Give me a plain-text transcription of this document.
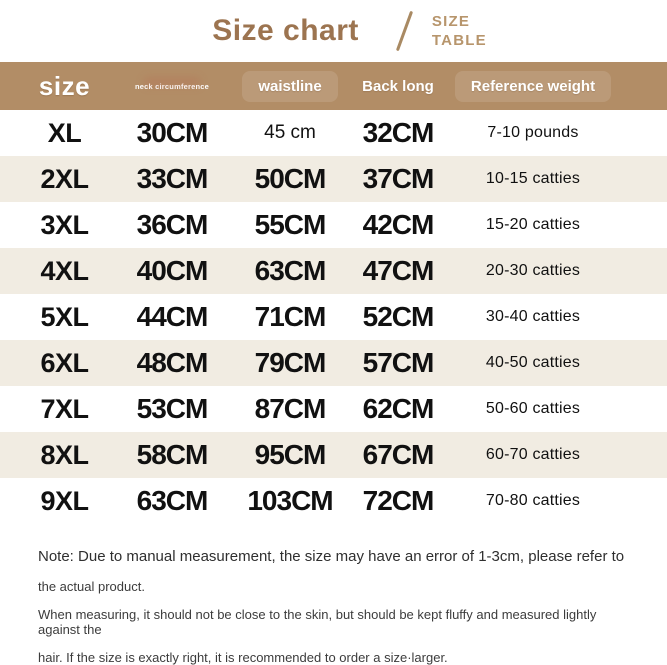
Size chart	SIZE
TABLE
size	neck circumference	waistline	Back long	Reference weight
XL	30CM	45 cm	32CM	7-10 pounds
2XL	33CM	50CM	37CM	10-15 catties
3XL	36CM	55CM	42CM	15-20 catties
4XL	40CM	63CM	47CM	20-30 catties
5XL	44CM	71CM	52CM	30-40 catties
6XL	48CM	79CM	57CM	40-50 catties
7XL	53CM	87CM	62CM	50-60 catties
8XL	58CM	95CM	67CM	60-70 catties
9XL	63CM	103CM	72CM	70-80 catties

Note: Due to manual measurement, the size may have an error of 1-3cm, please refer to

the actual product.

When measuring, it should not be close to the skin, but should be kept fluffy and measured lightly against the

hair. If the size is exactly right, it is recommended to order a size·larger.
